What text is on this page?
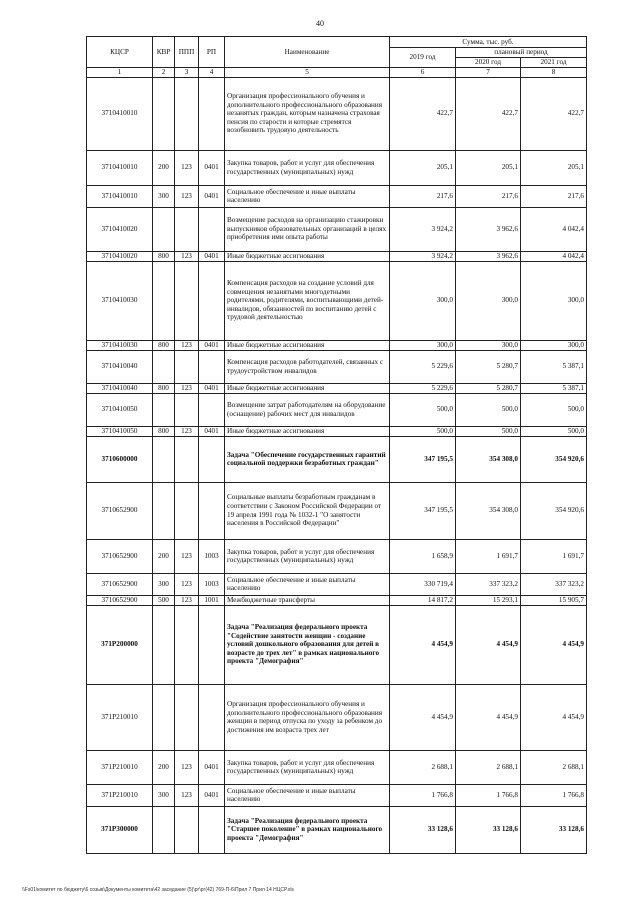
40
КЦСР	КВР	ППП	РП	Наименование	Сумма, тыс. руб.		
					2019 год	плановый период	
						2020 год	2021 год
1	2	3	4	5	6	7	8
3710410010				Организация профессионального обучения и дополнительного профессионального образования незанятых граждан, которым назначена страховая пенсия по старости и которые стремятся возобновить трудовую деятельность	422,7	422,7	422,7
3710410010	200	123	0401	Закупка товаров, работ и услуг для обеспечения государственных (муниципальных) нужд	205,1	205,1	205,1
3710410010	300	123	0401	Социальное обеспечение и иные выплаты населению	217,6	217,6	217,6
3710410020				Возмещение расходов на организацию стажировки выпускников образовательных организаций в целях приобретения ими опыта работы	3 924,2	3 962,6	4 042,4
3710410020	800	123	0401	Иные бюджетные ассигнования	3 924,2	3 962,6	4 042,4
3710410030				Компенсация расходов на создание условий для совмещения незанятыми многодетными родителями, родителями, воспитывающими детей-инвалидов, обязанностей по воспитанию детей с трудовой деятельностью	300,0	300,0	300,0
3710410030	800	123	0401	Иные бюджетные ассигнования	300,0	300,0	300,0
3710410040				Компенсация расходов работодателей, связанных с трудоустройством инвалидов	5 229,6	5 280,7	5 387,1
3710410040	800	123	0401	Иные бюджетные ассигнования	5 229,6	5 280,7	5 387,1
3710410050				Возмещение затрат работодателям на оборудование (оснащение) рабочих мест для инвалидов	500,0	500,0	500,0
3710410050	800	123	0401	Иные бюджетные ассигнования	500,0	500,0	500,0
3710600000				Задача "Обеспечение государственных гарантий социальной поддержки безработных граждан"	347 195,5	354 308,0	354 920,6
3710652900				Социальные выплаты безработным гражданам в соответствии с Законом Российской Федерации от 19 апреля 1991 года № 1032-1 "О занятости населения в Российской Федерации"	347 195,5	354 308,0	354 920,6
3710652900	200	123	1003	Закупка товаров, работ и услуг для обеспечения государственных (муниципальных) нужд	1 658,9	1 691,7	1 691,7
3710652900	300	123	1003	Социальное обеспечение и иные выплаты населению	330 719,4	337 323,2	337 323,2
3710652900	500	123	1001	Межбюджетные трансферты	14 817,2	15 293,1	15 905,7
371P200000				Задача "Реализация федерального проекта "Содействие занятости женщин - создание условий дошкольного образования для детей в возрасте до трех лет" в рамках национального проекта "Демография"	4 454,9	4 454,9	4 454,9
371P210010				Организация профессионального обучения и дополнительного профессионального образования женщин в период отпуска по уходу за ребенком до достижения им возраста трех лет	4 454,9	4 454,9	4 454,9
371P210010	200	123	0401	Закупка товаров, работ и услуг для обеспечения государственных (муниципальных) нужд	2 688,1	2 688,1	2 688,1
371P210010	300	123	0401	Социальное обеспечение и иные выплаты населению	1 766,8	1 766,8	1 766,8
371P300000				Задача "Реализация федерального проекта "Старшее поколение" в рамках национального проекта "Демография"	33 128,6	33 128,6	33 128,6
\\Fs01\комитет по бюджету\6 созыв\Документы комитета\42 заседание (5)\рг\рг(42) 769-П-6\Прил 7 Прил 14 НЦСР.xls
